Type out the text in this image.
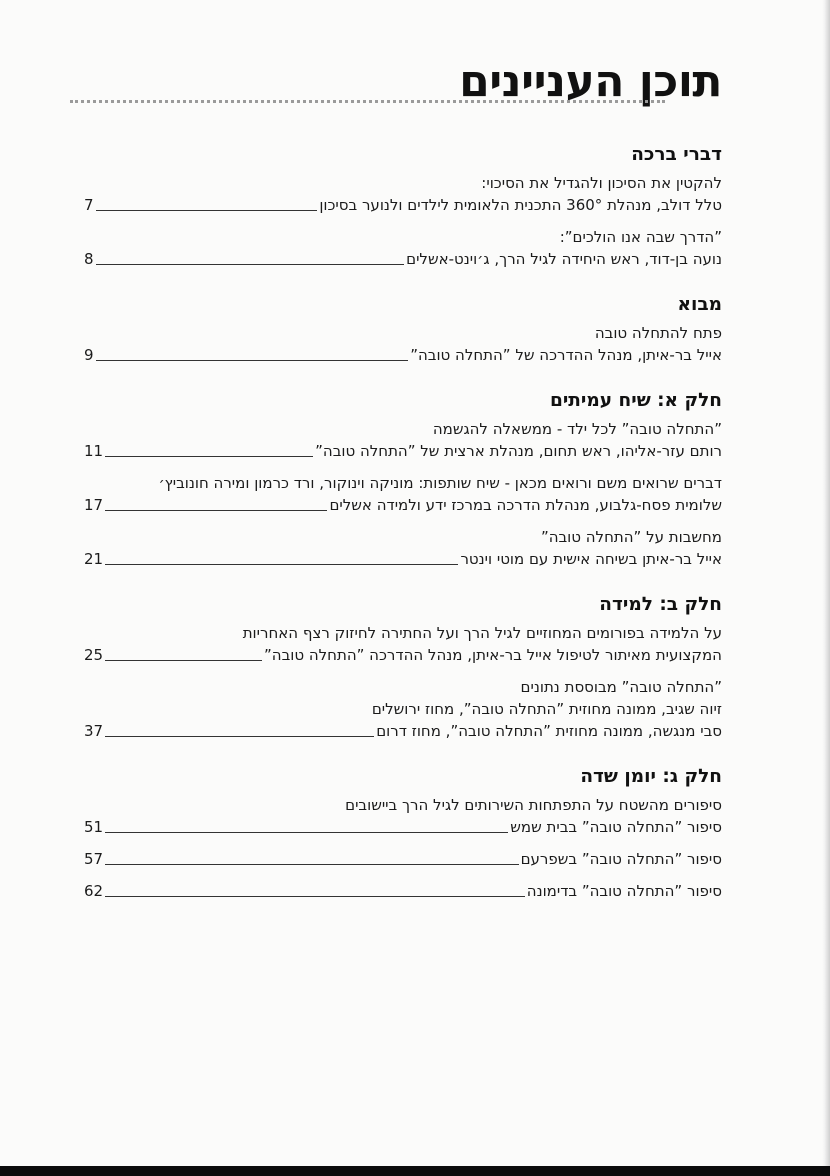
תוכן העניינים
דברי ברכה
להקטין את הסיכון ולהגדיל את הסיכוי:
טלל דולב, מנהלת 360° התכנית הלאומית לילדים ולנוער בסיכון
7
”הדרך שבה אנו הולכים”:
נועה בן-דוד, ראש היחידה לגיל הרך, ג׳וינט-אשלים
8
מבוא
פתח להתחלה טובה
אייל בר-איתן, מנהל ההדרכה של ”התחלה טובה”
9
חלק א: שיח עמיתים
”התחלה טובה” לכל ילד - ממשאלה להגשמה
רותם עזר-אליהו, ראש תחום, מנהלת ארצית של ”התחלה טובה”
11
דברים שרואים משם ורואים מכאן - שיח שותפות: מוניקה וינוקור, ורד כרמון ומירה חונוביץ׳
שלומית פסח-גלבוע, מנהלת הדרכה במרכז ידע ולמידה אשלים
17
מחשבות על ”התחלה טובה”
אייל בר-איתן בשיחה אישית עם מוטי וינטר
21
חלק ב: למידה
על הלמידה בפורומים המחוזיים לגיל הרך ועל החתירה לחיזוק רצף האחריות
המקצועית מאיתור לטיפול אייל בר-איתן, מנהל ההדרכה ”התחלה טובה”
25
”התחלה טובה” מבוססת נתונים
זיוה שגיב, ממונה מחוזית ”התחלה טובה”, מחוז ירושלים
סבי מנגשה, ממונה מחוזית ”התחלה טובה”, מחוז דרום
37
חלק ג: יומן שדה
סיפורים מהשטח על התפתחות השירותים לגיל הרך ביישובים
סיפור ”התחלה טובה” בבית שמש
51
סיפור ”התחלה טובה” בשפרעם
57
סיפור ”התחלה טובה” בדימונה
62
